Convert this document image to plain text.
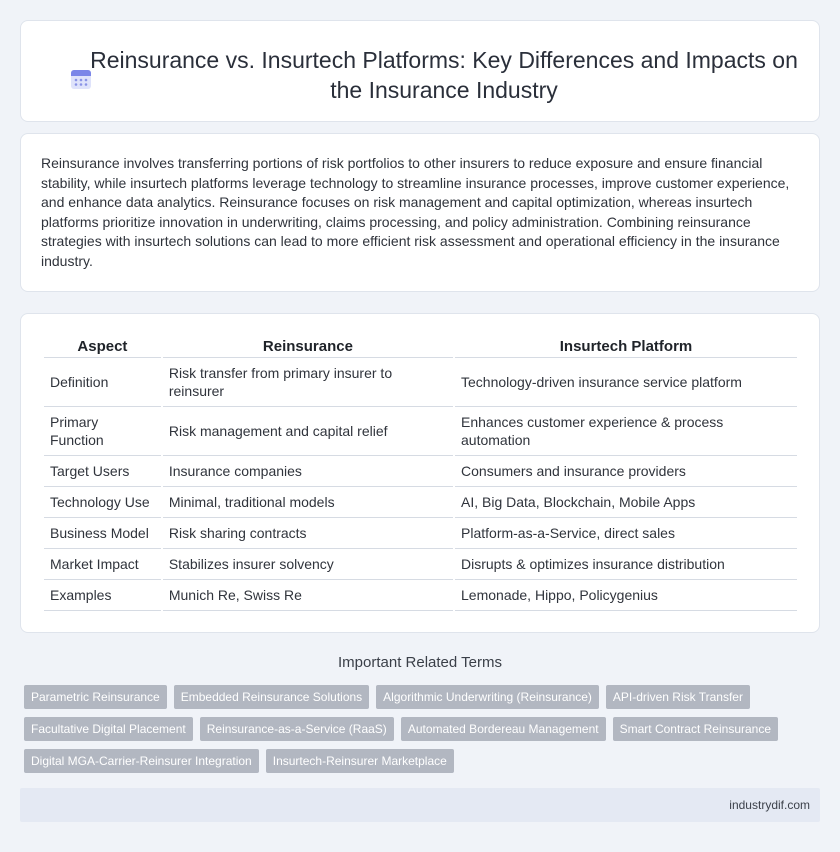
Reinsurance vs. Insurtech Platforms: Key Differences and Impacts on the Insurance Industry

Reinsurance involves transferring portions of risk portfolios to other insurers to reduce exposure and ensure financial stability, while insurtech platforms leverage technology to streamline insurance processes, improve customer experience, and enhance data analytics. Reinsurance focuses on risk management and capital optimization, whereas insurtech platforms prioritize innovation in underwriting, claims processing, and policy administration. Combining reinsurance strategies with insurtech solutions can lead to more efficient risk assessment and operational efficiency in the insurance industry.

Aspect	Reinsurance	Insurtech Platform
Definition	Risk transfer from primary insurer to reinsurer	Technology-driven insurance service platform
Primary Function	Risk management and capital relief	Enhances customer experience & process automation
Target Users	Insurance companies	Consumers and insurance providers
Technology Use	Minimal, traditional models	AI, Big Data, Blockchain, Mobile Apps
Business Model	Risk sharing contracts	Platform-as-a-Service, direct sales
Market Impact	Stabilizes insurer solvency	Disrupts & optimizes insurance distribution
Examples	Munich Re, Swiss Re	Lemonade, Hippo, Policygenius
Important Related Terms
Parametric Reinsurance	Embedded Reinsurance Solutions	Algorithmic Underwriting (Reinsurance)	API-driven Risk Transfer
Facultative Digital Placement	Reinsurance-as-a-Service (RaaS)	Automated Bordereau Management	Smart Contract Reinsurance
Digital MGA-Carrier-Reinsurer Integration	Insurtech-Reinsurer Marketplace
industrydif.com
